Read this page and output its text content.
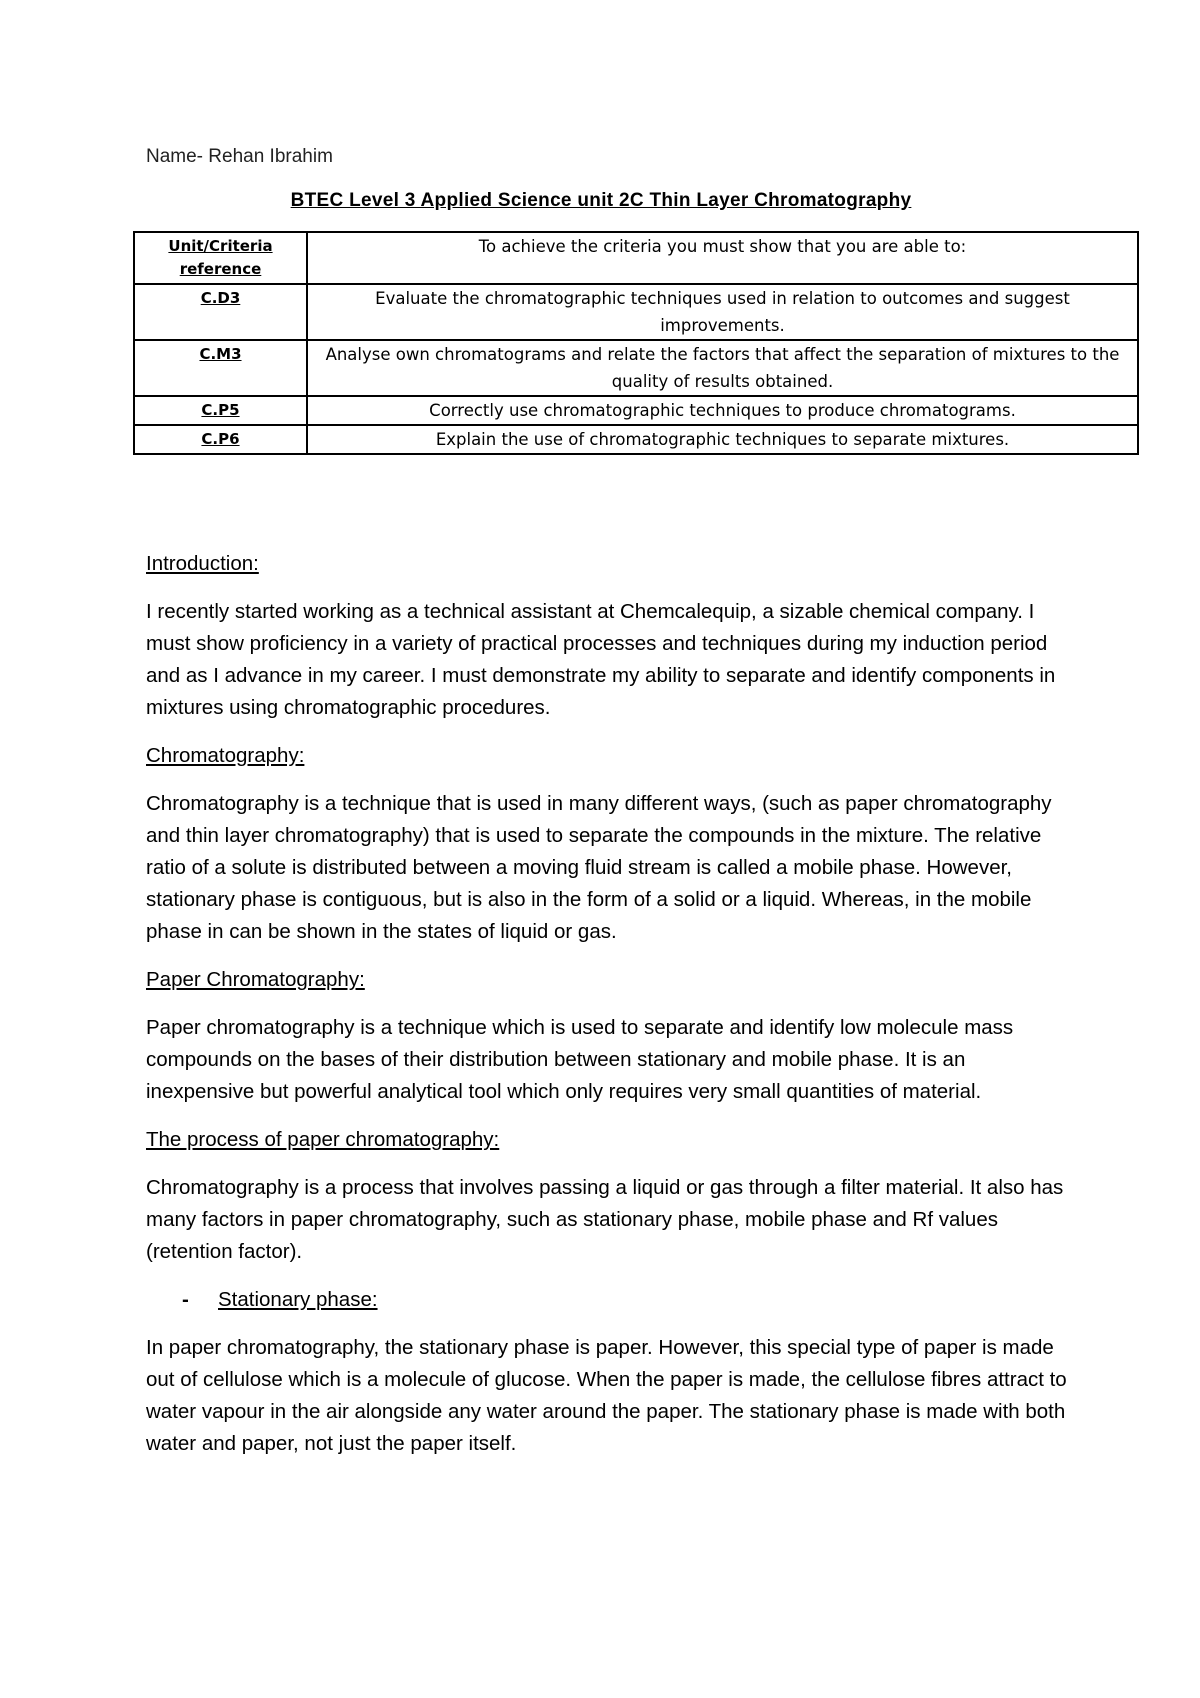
Name- Rehan Ibrahim

BTEC Level 3 Applied Science unit 2C Thin Layer Chromatography

Unit/Criteria reference	To achieve the criteria you must show that you are able to:
C.D3	Evaluate the chromatographic techniques used in relation to outcomes and suggest improvements.
C.M3	Analyse own chromatograms and relate the factors that affect the separation of mixtures to the quality of results obtained.
C.P5	Correctly use chromatographic techniques to produce chromatograms.
C.P6	Explain the use of chromatographic techniques to separate mixtures.
Introduction:

I recently started working as a technical assistant at Chemcalequip, a sizable chemical company. I must show proficiency in a variety of practical processes and techniques during my induction period and as I advance in my career. I must demonstrate my ability to separate and identify components in mixtures using chromatographic procedures.

Chromatography:

Chromatography is a technique that is used in many different ways, (such as paper chromatography and thin layer chromatography) that is used to separate the compounds in the mixture. The relative ratio of a solute is distributed between a moving fluid stream is called a mobile phase. However, stationary phase is contiguous, but is also in the form of a solid or a liquid. Whereas, in the mobile phase in can be shown in the states of liquid or gas.

Paper Chromatography:

Paper chromatography is a technique which is used to separate and identify low molecule mass compounds on the bases of their distribution between stationary and mobile phase. It is an inexpensive but powerful analytical tool which only requires very small quantities of material.

The process of paper chromatography:

Chromatography is a process that involves passing a liquid or gas through a filter material. It also has many factors in paper chromatography, such as stationary phase, mobile phase and Rf values (retention factor).

-	Stationary phase:

In paper chromatography, the stationary phase is paper. However, this special type of paper is made out of cellulose which is a molecule of glucose. When the paper is made, the cellulose fibres attract to water vapour in the air alongside any water around the paper. The stationary phase is made with both water and paper, not just the paper itself.
